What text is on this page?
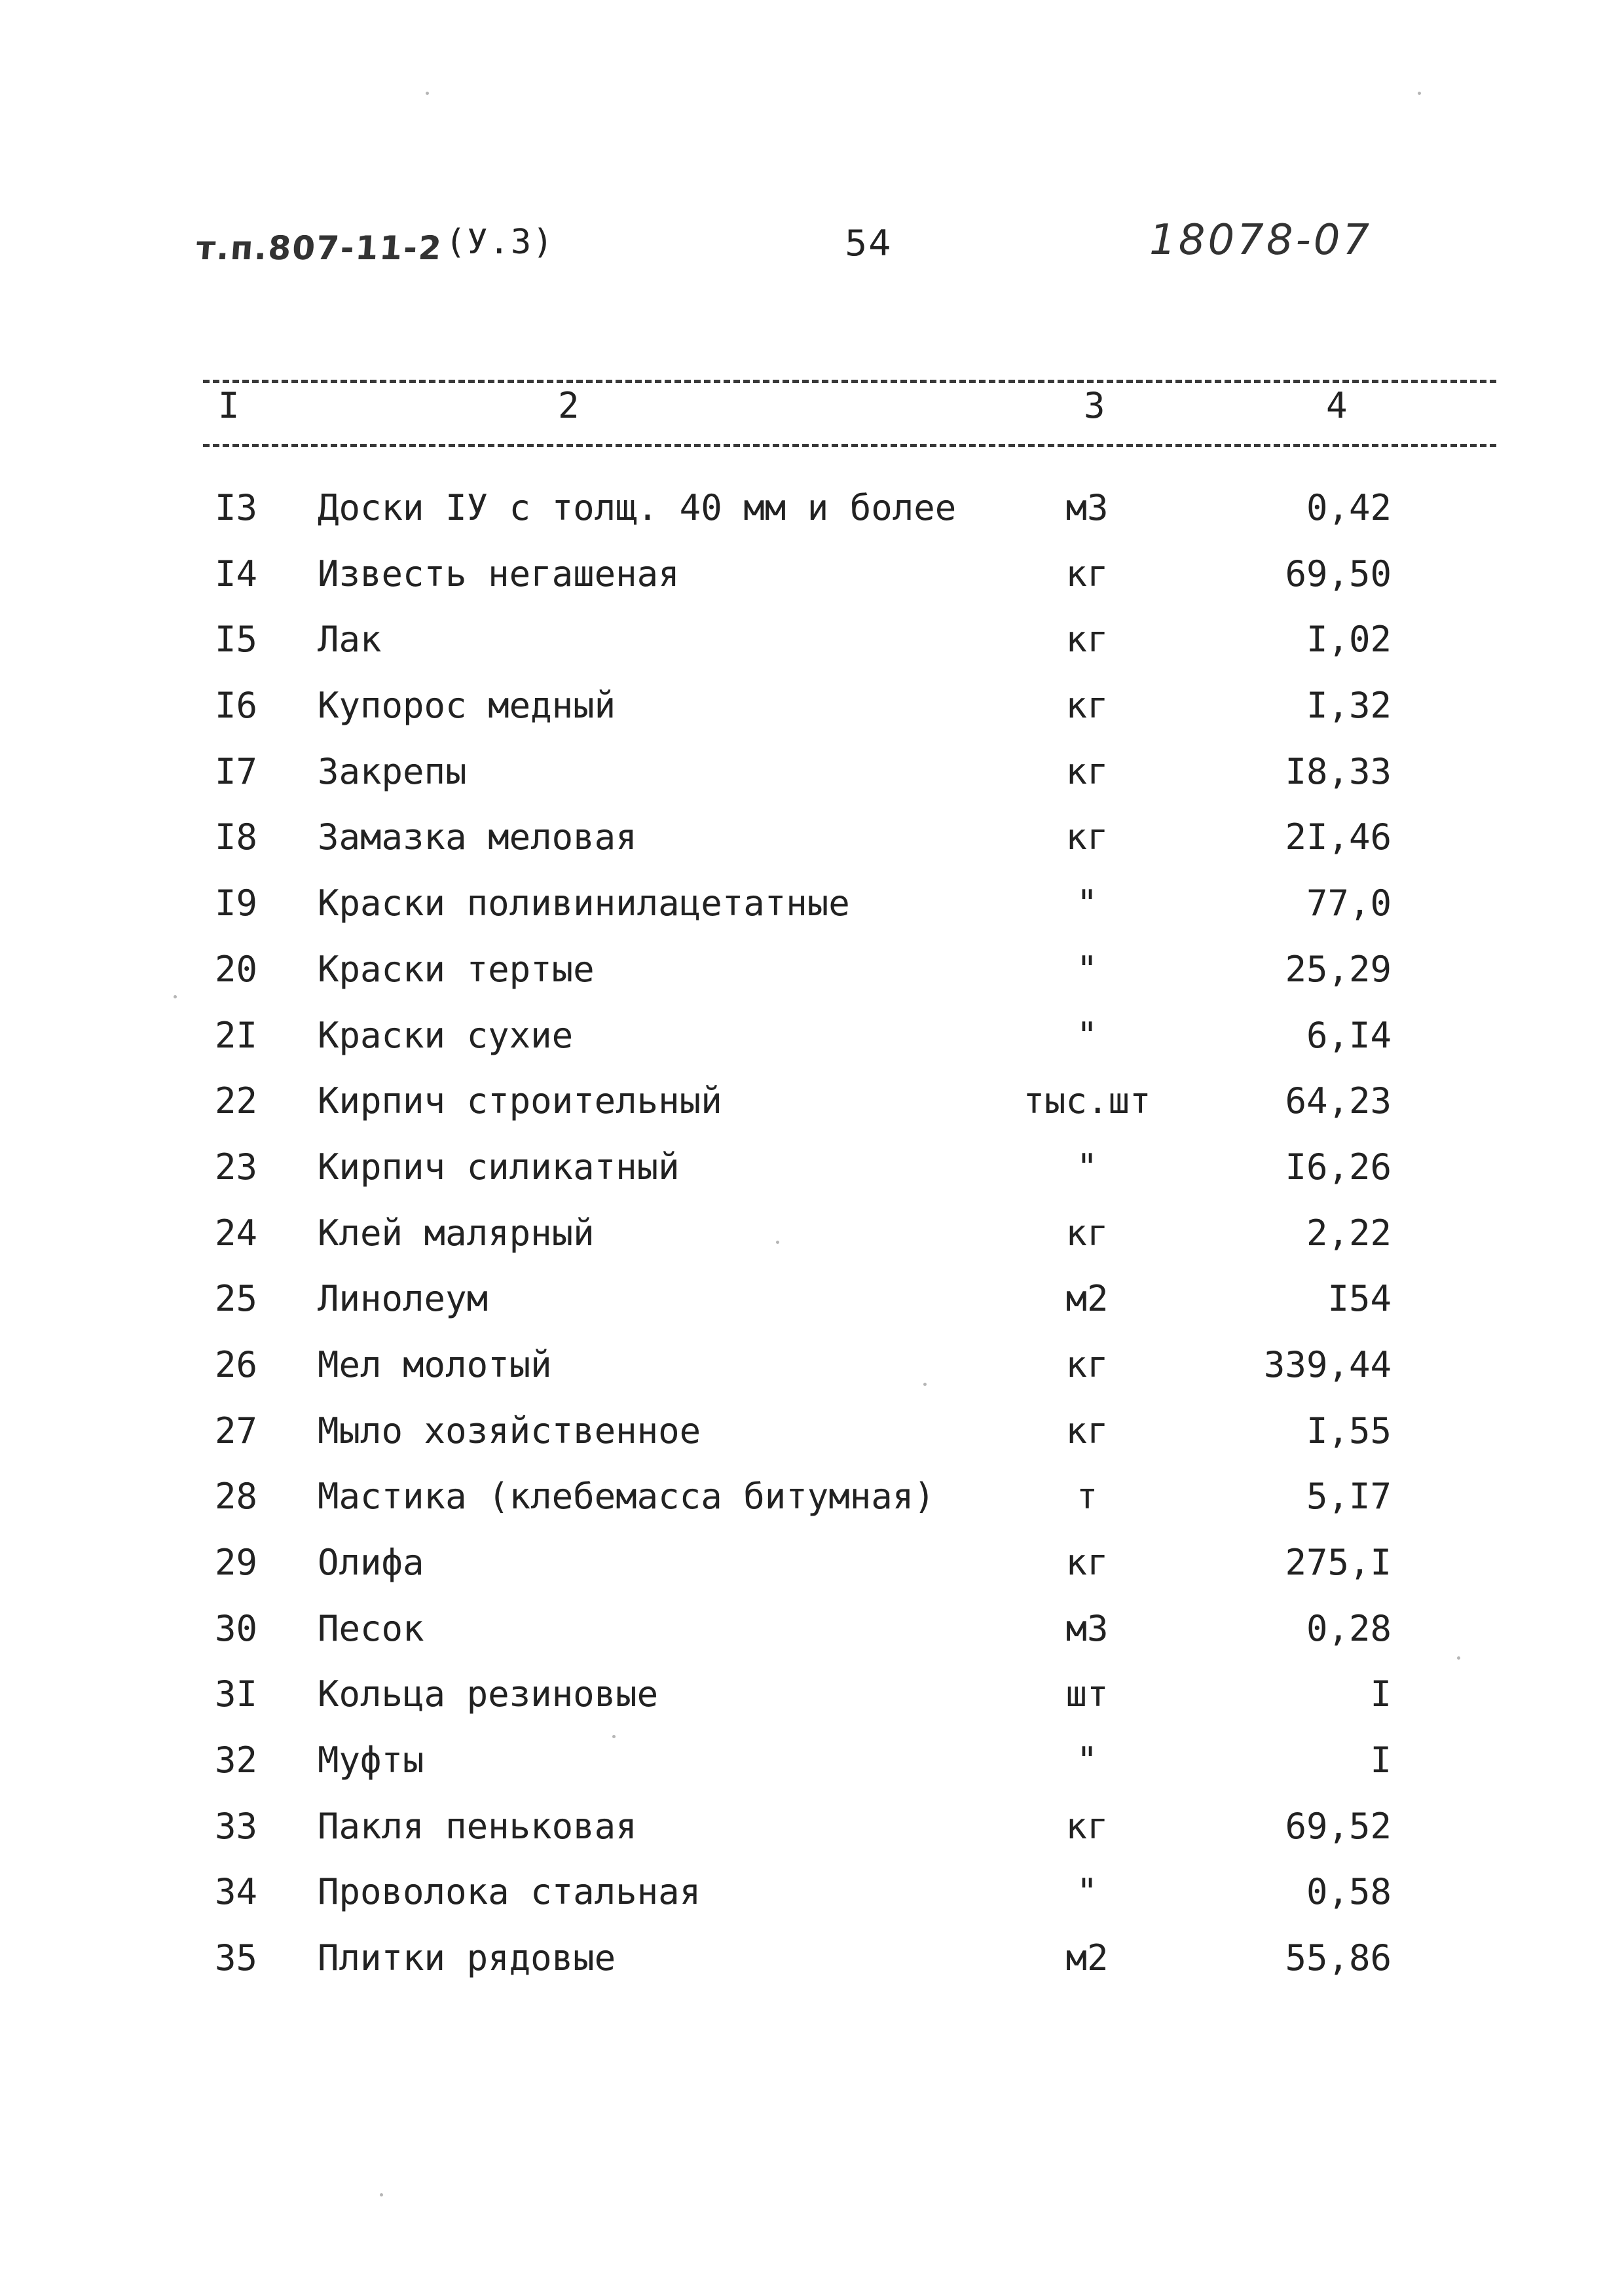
т.п.807-11-2 (У.3)	54	18078-07
I	2	3	4
I3 Доски IУ с толщ. 40 мм и более	м3	0,42
I4 Известь негашеная	кг	69,50
I5 Лак	кг	I,02
I6 Купорос медный	кг	I,32
I7 Закрепы	кг	I8,33
I8 Замазка меловая	кг	2I,46
I9 Краски поливинилацетатные	"	77,0
20 Краски тертые	"	25,29
2I Краски сухие	"	6,I4
22 Кирпич строительный	тыс.шт	64,23
23 Кирпич силикатный	"	I6,26
24 Клей малярный	кг	2,22
25 Линолеум	м2	I54
26 Мел молотый	кг	339,44
27 Мыло хозяйственное	кг	I,55
28 Мастика (клебемасса битумная)	т	5,I7
29 Олифа	кг	275,I
30 Песок	м3	0,28
3I Кольца резиновые	шт	I
32 Муфты	"	I
33 Пакля пеньковая	кг	69,52
34 Проволока стальная	"	0,58
35 Плитки рядовые	м2	55,86
